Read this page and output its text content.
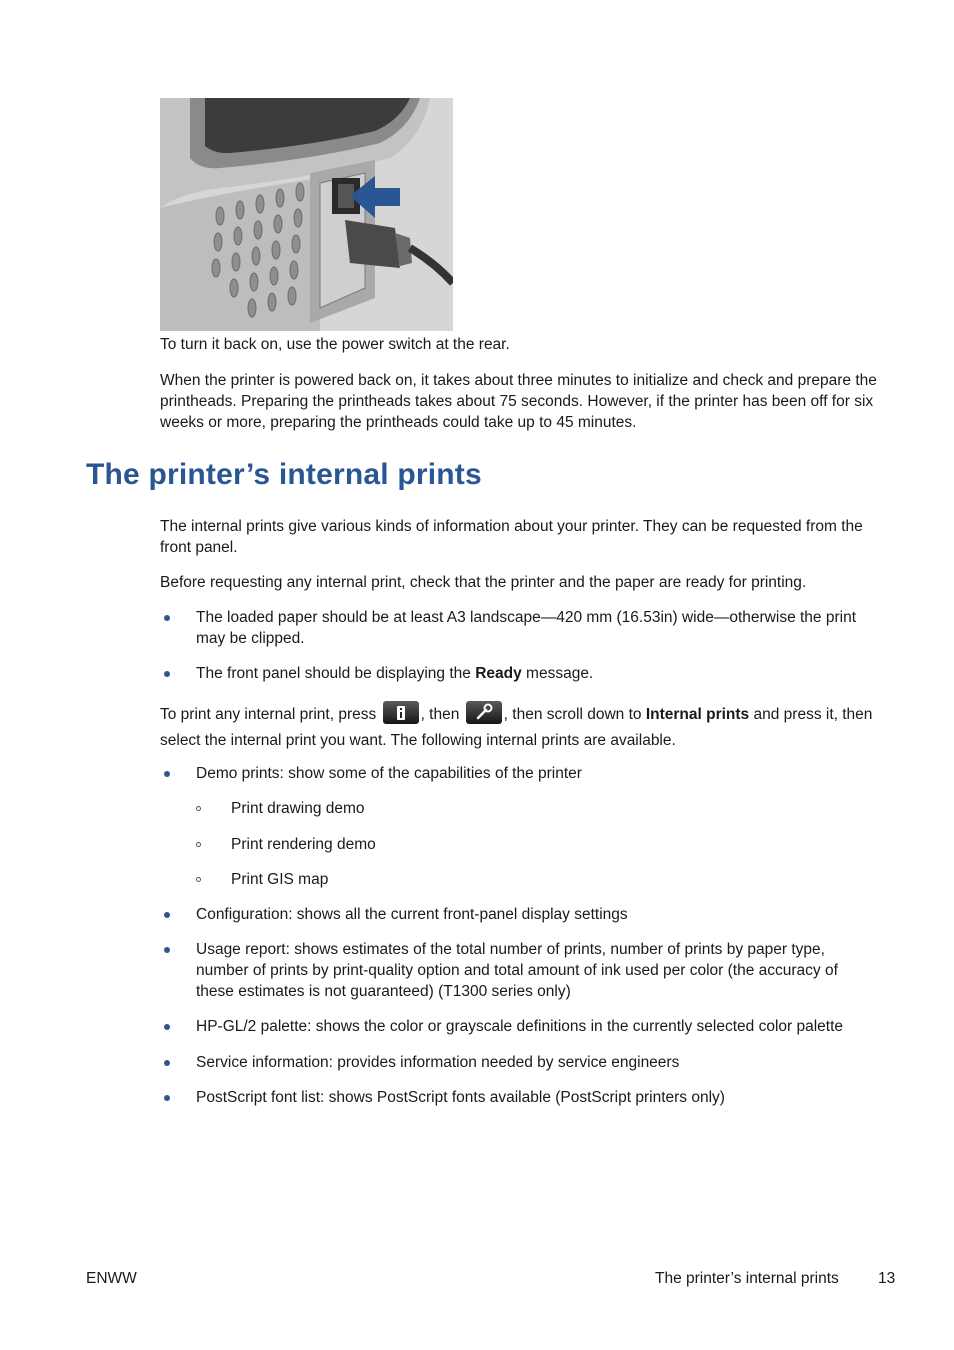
To turn it back on, use the power switch at the rear.

When the printer is powered back on, it takes about three minutes to initialize and check and prepare the printheads. Preparing the printheads takes about 75 seconds. However, if the printer has been off for six weeks or more, preparing the printheads could take up to 45 minutes.

The printer’s internal prints

The internal prints give various kinds of information about your printer. They can be requested from the front panel.

Before requesting any internal print, check that the printer and the paper are ready for printing.

The loaded paper should be at least A3 landscape—420 mm (16.53in) wide—otherwise the print may be clipped.
The front panel should be displaying the Ready message.

To print any internal print, press	, then	, then scroll down to Internal prints and press it, then select the internal print you want. The following internal prints are available.

Demo prints: show some of the capabilities of the printer
Print drawing demo
Print rendering demo
Print GIS map
Configuration: shows all the current front-panel display settings
Usage report: shows estimates of the total number of prints, number of prints by paper type, number of prints by print-quality option and total amount of ink used per color (the accuracy of these estimates is not guaranteed) (T1300 series only)
HP-GL/2 palette: shows the color or grayscale definitions in the currently selected color palette
Service information: provides information needed by service engineers
PostScript font list: shows PostScript fonts available (PostScript printers only)
ENWW	The printer’s internal prints	13
